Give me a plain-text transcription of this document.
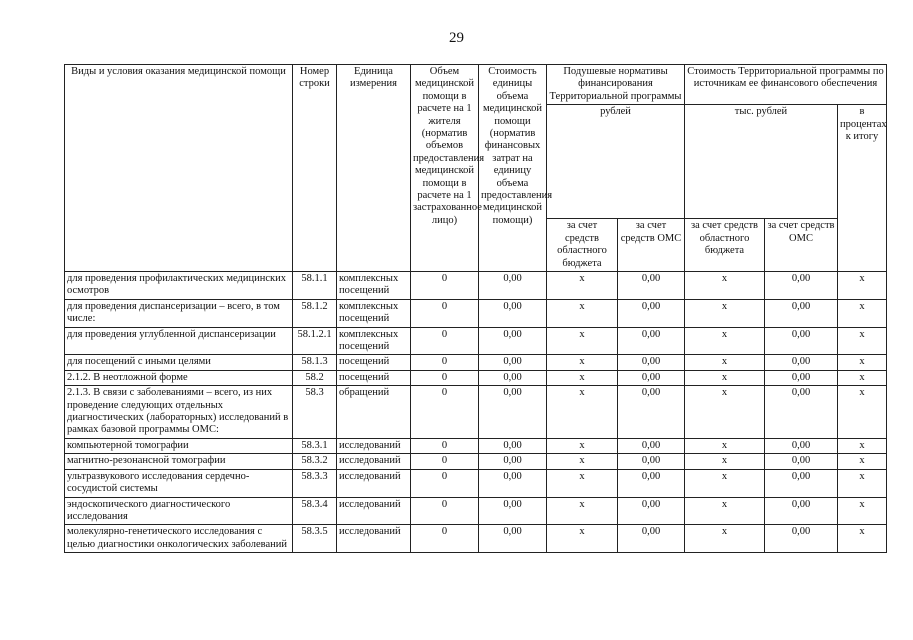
29
Виды и условия оказания медицинской помощи	Номер строки	Единица измерения	Объем медицинской помощи в расчете на 1 жителя (норматив объемов предоставления медицинской помощи в расчете на 1 застрахованное лицо)	Стоимость единицы объема медицинской помощи (норматив финансовых затрат на единицу объема предоставления медицинской помощи)	Подушевые нормативы финансирования Территориальной программы		Стоимость Территориальной программы по источникам ее финансового обеспечения		
					рублей		тыс. рублей		в процентах к итогу
					за счет средств областного бюджета	за счет средств ОМС	за счет средств областного бюджета	за счет средств ОМС	
для проведения профилактических медицинских осмотров	58.1.1	комплексных посещений	0	0,00	х	0,00	х	0,00	х
для проведения диспансеризации – всего, в том числе:	58.1.2	комплексных посещений	0	0,00	х	0,00	х	0,00	х
для проведения углубленной диспансеризации	58.1.2.1	комплексных посещений	0	0,00	х	0,00	х	0,00	х
для посещений с иными целями	58.1.3	посещений	0	0,00	х	0,00	х	0,00	х
2.1.2. В неотложной форме	58.2	посещений	0	0,00	х	0,00	х	0,00	х
2.1.3. В связи с заболеваниями – всего, из них проведение следующих отдельных диагностических (лабораторных) исследований в рамках базовой программы ОМС:	58.3	обращений	0	0,00	х	0,00	х	0,00	х
компьютерной томографии	58.3.1	исследований	0	0,00	х	0,00	х	0,00	х
магнитно-резонансной томографии	58.3.2	исследований	0	0,00	х	0,00	х	0,00	х
ультразвукового исследования сердечно-сосудистой системы	58.3.3	исследований	0	0,00	х	0,00	х	0,00	х
эндоскопического диагностического исследования	58.3.4	исследований	0	0,00	х	0,00	х	0,00	х
молекулярно-генетического исследования с целью диагностики онкологических заболеваний	58.3.5	исследований	0	0,00	х	0,00	х	0,00	х
